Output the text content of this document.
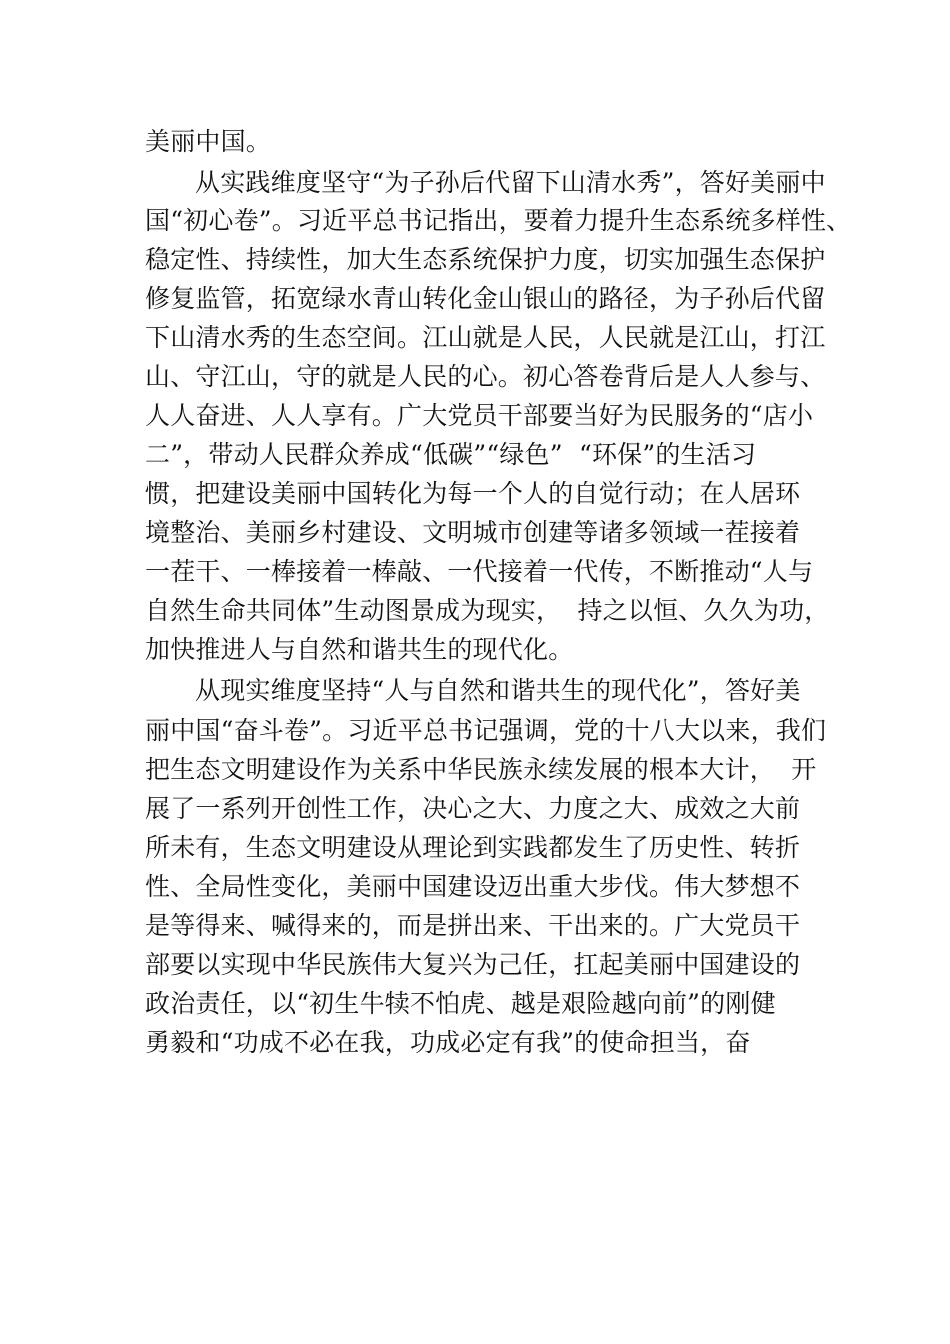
美丽中国。
从实践维度坚守“为子孙后代留下山清水秀”，答好美丽中
国“初心卷”。习近平总书记指出，要着力提升生态系统多样性、
稳定性、持续性，加大生态系统保护力度，切实加强生态保护
修复监管，拓宽绿水青山转化金山银山的路径，为子孙后代留
下山清水秀的生态空间。江山就是人民，人民就是江山，打江
山、守江山，守的就是人民的心。初心答卷背后是人人参与、
人人奋进、人人享有。广大党员干部要当好为民服务的“店小
二”，带动人民群众养成“低碳”“绿色”  “环保”的生活习
惯，把建设美丽中国转化为每一个人的自觉行动；在人居环
境整治、美丽乡村建设、文明城市创建等诸多领域一茬接着
一茬干、一棒接着一棒敲、一代接着一代传，不断推动“人与
自然生命共同体”生动图景成为现实，  持之以恒、久久为功，
加快推进人与自然和谐共生的现代化。
从现实维度坚持“人与自然和谐共生的现代化”，答好美
丽中国“奋斗卷”。习近平总书记强调，党的十八大以来，我们
把生态文明建设作为关系中华民族永续发展的根本大计，  开
展了一系列开创性工作，决心之大、力度之大、成效之大前
所未有，生态文明建设从理论到实践都发生了历史性、转折
性、全局性变化，美丽中国建设迈出重大步伐。伟大梦想不
是等得来、喊得来的，而是拼出来、干出来的。广大党员干
部要以实现中华民族伟大复兴为己任，扛起美丽中国建设的
政治责任，以“初生牛犊不怕虎、越是艰险越向前”的刚健
勇毅和“功成不必在我，功成必定有我”的使命担当，奋
